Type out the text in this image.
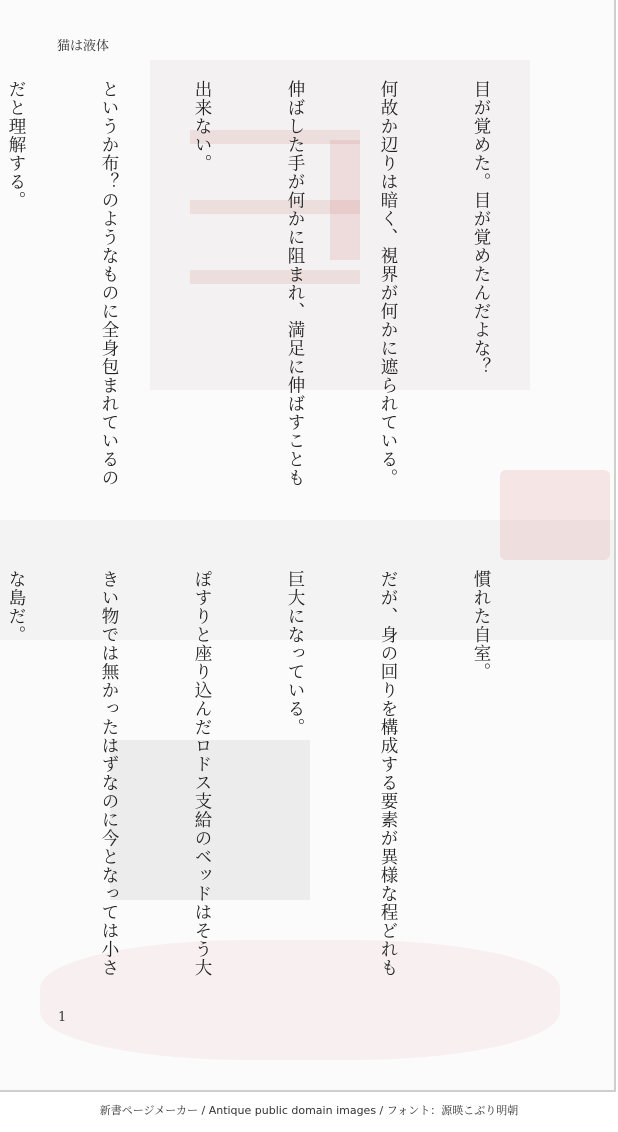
猫は液体

目が覚めた。目が覚めたんだよな？

何故か辺りは暗く、視界が何かに遮られている。

伸ばした手が何かに阻まれ、満足に伸ばすことも

出来ない。

というか布？のようなものに全身包まれているの

だと理解する。

慣れた自室。

だが、身の回りを構成する要素が異様な程どれも

巨大になっている。

ぽすりと座り込んだロドス支給のベッドはそう大

きい物では無かったはずなのに今となっては小さ

な島だ。

1
新書ページメーカー / Antique public domain images / フォント：源暎こぶり明朝
